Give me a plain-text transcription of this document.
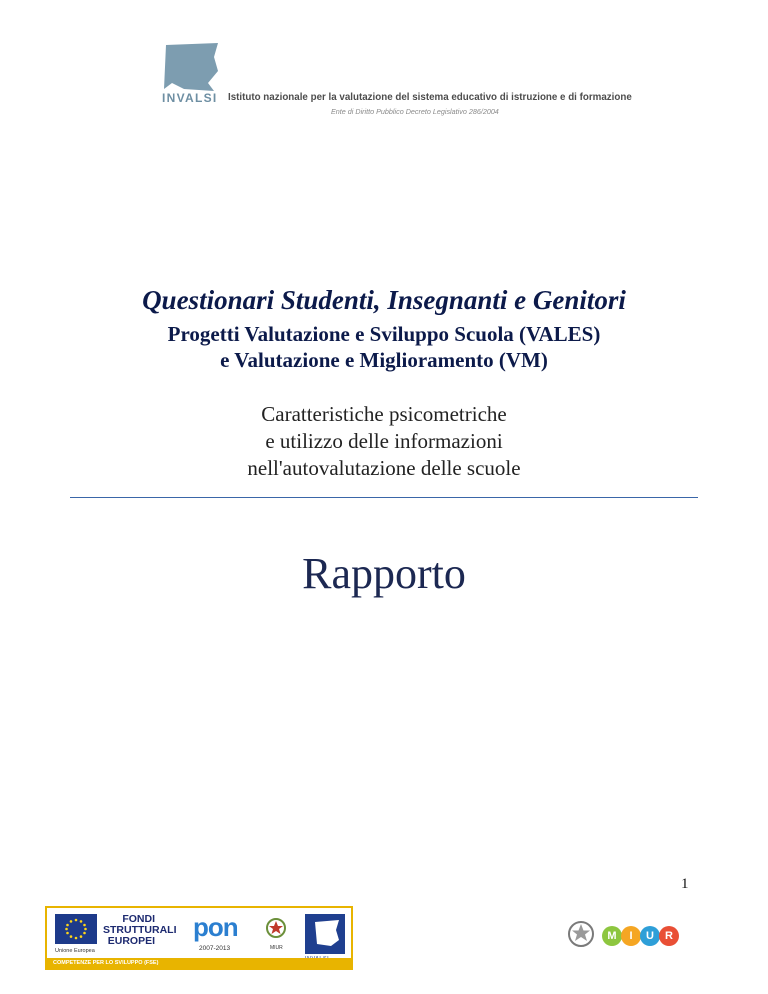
INVALSI Istituto nazionale per la valutazione del sistema educativo di istruzione e di formazione
Ente di Diritto Pubblico Decreto Legislativo 286/2004
Questionari Studenti, Insegnanti e Genitori
Progetti Valutazione e Sviluppo Scuola (VALES)
e Valutazione e Miglioramento (VM)
Caratteristiche psicometriche
e utilizzo delle informazioni
nell'autovalutazione delle scuole
Rapporto
1
Unione Europea
FONDI
STRUTTURALI
EUROPEI pon
2007-2013	MIUR
COMPETENZE PER LO SVILUPPO (FSE)
M	I	U	R
